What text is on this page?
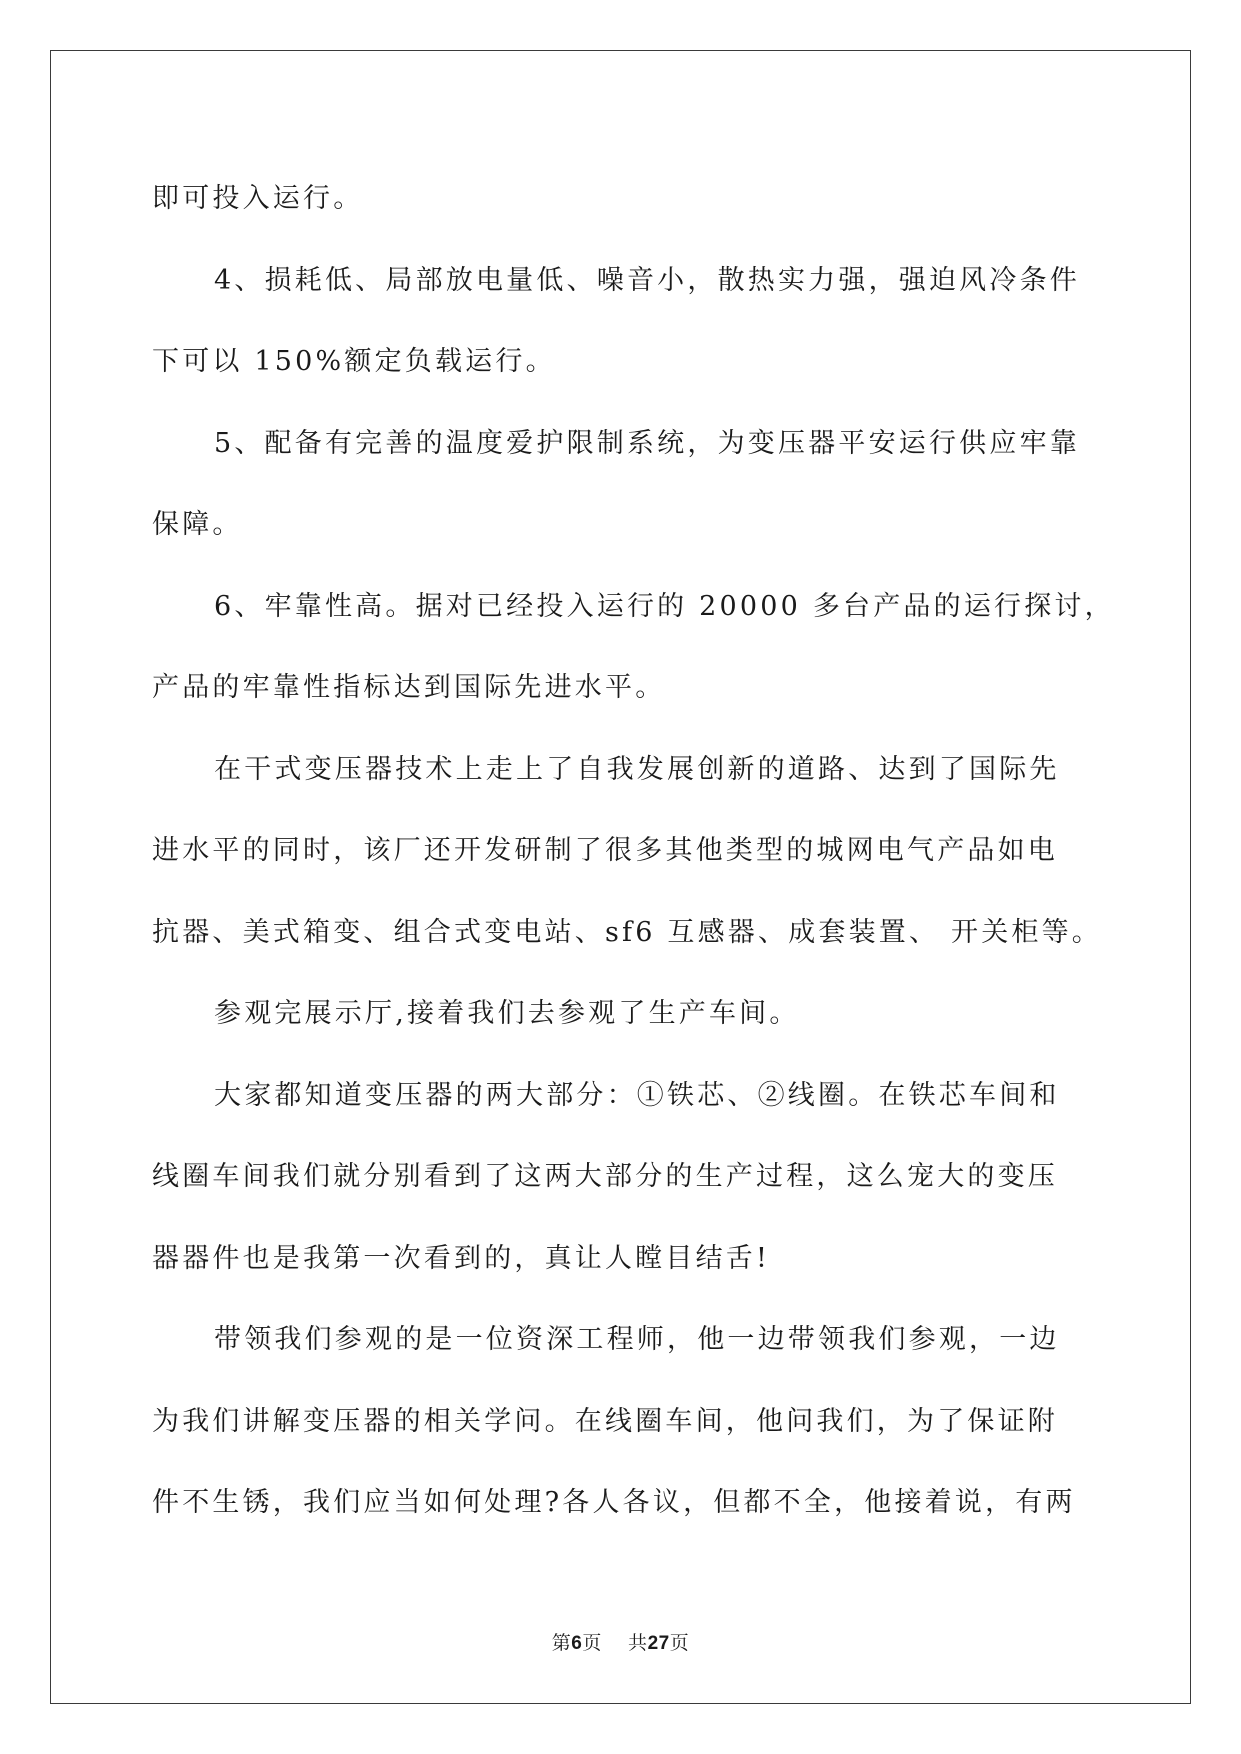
即可投入运行。

4、损耗低、局部放电量低、噪音小，散热实力强，强迫风冷条件

下可以 150%额定负载运行。

5、配备有完善的温度爱护限制系统，为变压器平安运行供应牢靠

保障。

6、牢靠性高。据对已经投入运行的 20000 多台产品的运行探讨，

产品的牢靠性指标达到国际先进水平。

在干式变压器技术上走上了自我发展创新的道路、达到了国际先

进水平的同时，该厂还开发研制了很多其他类型的城网电气产品如电

抗器、美式箱变、组合式变电站、sf6 互感器、成套装置、 开关柜等。

参观完展示厅,接着我们去参观了生产车间。

大家都知道变压器的两大部分：①铁芯、②线圈。在铁芯车间和

线圈车间我们就分别看到了这两大部分的生产过程，这么宠大的变压

器器件也是我第一次看到的，真让人瞠目结舌!

带领我们参观的是一位资深工程师，他一边带领我们参观，一边

为我们讲解变压器的相关学问。在线圈车间，他问我们，为了保证附

件不生锈，我们应当如何处理?各人各议，但都不全，他接着说，有两

第6页 共27页
